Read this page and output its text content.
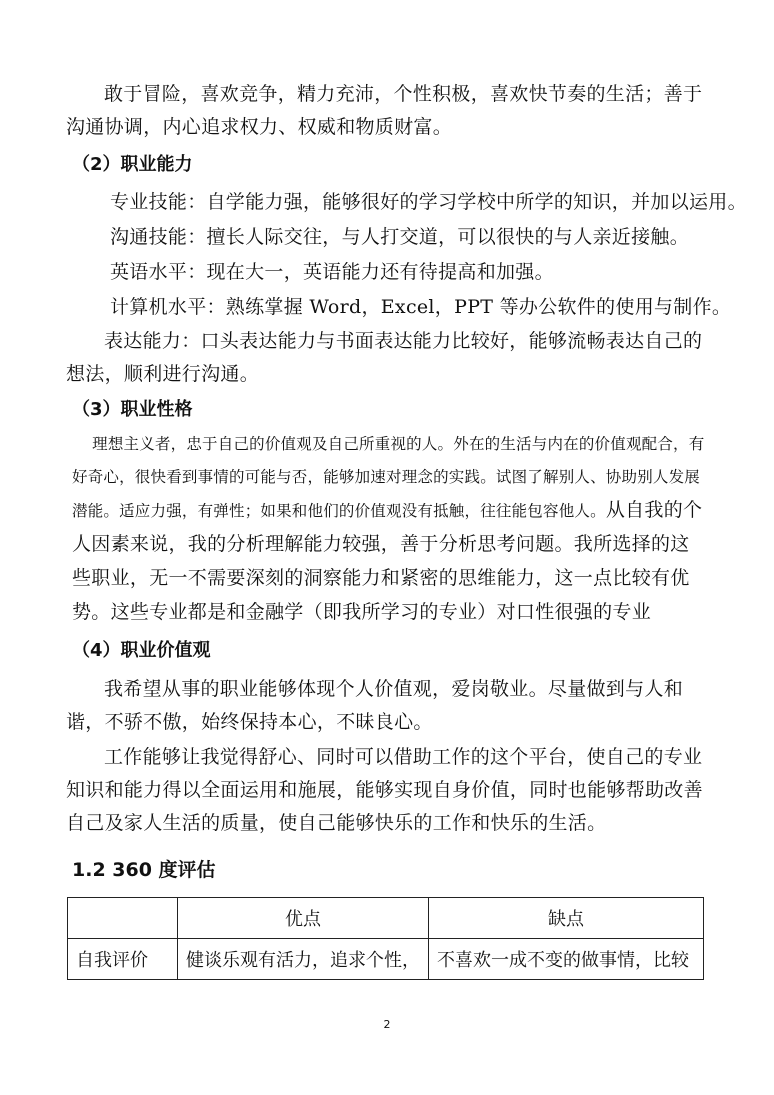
敢于冒险，喜欢竞争，精力充沛，个性积极，喜欢快节奏的生活；善于沟通协调，内心追求权力、权威和物质财富。

（2）职业能力

专业技能：自学能力强，能够很好的学习学校中所学的知识，并加以运用。

沟通技能：擅长人际交往，与人打交道，可以很快的与人亲近接触。

英语水平：现在大一，英语能力还有待提高和加强。

计算机水平：熟练掌握 Word，Excel，PPT 等办公软件的使用与制作。

表达能力：口头表达能力与书面表达能力比较好，能够流畅表达自己的想法，顺利进行沟通。

（3）职业性格

理想主义者，忠于自己的价值观及自己所重视的人。外在的生活与内在的价值观配合，有好奇心，很快看到事情的可能与否，能够加速对理念的实践。试图了解别人、协助别人发展潜能。适应力强，有弹性；如果和他们的价值观没有抵触，往往能包容他人。从自我的个人因素来说，我的分析理解能力较强，善于分析思考问题。我所选择的这些职业，无一不需要深刻的洞察能力和紧密的思维能力，这一点比较有优势。这些专业都是和金融学（即我所学习的专业）对口性很强的专业

（4）职业价值观

我希望从事的职业能够体现个人价值观，爱岗敬业。尽量做到与人和谐，不骄不傲，始终保持本心，不昧良心。

工作能够让我觉得舒心、同时可以借助工作的这个平台，使自己的专业知识和能力得以全面运用和施展，能够实现自身价值，同时也能够帮助改善自己及家人生活的质量，使自己能够快乐的工作和快乐的生活。

1.2 360 度评估

	优点	缺点
自我评价	健谈乐观有活力，追求个性，	不喜欢一成不变的做事情，比较
2
